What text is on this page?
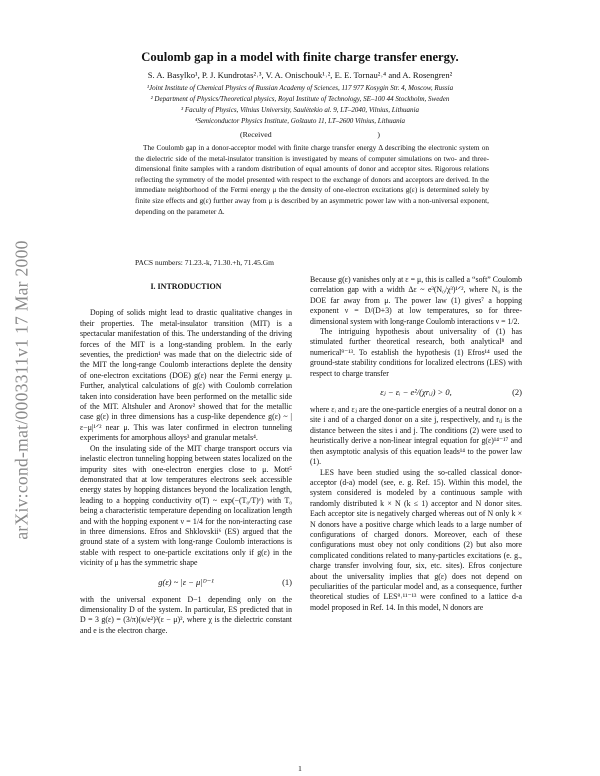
arXiv:cond-mat/0003311v1 17 Mar 2000
Coulomb gap in a model with finite charge transfer energy.
S. A. Basylko¹, P. J. Kundrotas²˒³, V. A. Onischouk¹˒², E. E. Tornau²˒⁴ and A. Rosengren²
¹Joint Institute of Chemical Physics of Russian Academy of Sciences, 117 977 Kosygin Str. 4, Moscow, Russia
² Department of Physics/Theoretical physics, Royal Institute of Technology, SE–100 44 Stockholm, Sweden
³ Faculty of Physics, Vilnius University, Saulėtekio al. 9, LT–2040, Vilnius, Lithuania
⁴Semiconductor Physics Institute, Goštauto 11, LT–2600 Vilnius, Lithuania
(Received	)

The Coulomb gap in a donor-acceptor model with finite charge transfer energy Δ describing the electronic system on the dielectric side of the metal-insulator transition is investigated by means of computer simulations on two- and three-dimensional finite samples with a random distribution of equal amounts of donor and acceptor sites. Rigorous relations reflecting the symmetry of the model presented with respect to the exchange of donors and acceptors are derived. In the immediate neighborhood of the Fermi energy μ the the density of one-electron excitations g(ε) is determined solely by finite size effects and g(ε) further away from μ is described by an asymmetric power law with a non-universal exponent, depending on the parameter Δ.

PACS numbers: 71.23.-k, 71.30.+h, 71.45.Gm
I. INTRODUCTION

Doping of solids might lead to drastic qualitative changes in their properties. The metal-insulator transition (MIT) is a spectacular manifestation of this. The understanding of the driving forces of the MIT is a long-standing problem. In the early seventies, the prediction¹ was made that on the dielectric side of the MIT the long-range Coulomb interactions deplete the density of one-electron excitations (DOE) g(ε) near the Fermi energy μ. Further, analytical calculations of g(ε) with Coulomb correlation taken into consideration have been performed on the metallic side of the MIT. Altshuler and Aronov² showed that for the metallic case g(ε) in three dimensions has a cusp-like dependence g(ε) ~ |ε−μ|¹ᐟ² near μ. This was later confirmed in electron tunneling experiments for amorphous alloys³ and granular metals⁴.

On the insulating side of the MIT charge transport occurs via inelastic electron tunneling hopping between states localized on the impurity sites with one-electron energies close to μ. Mott⁵ demonstrated that at low temperatures electrons seek accessible energy states by hopping distances beyond the localization length, leading to a hopping conductivity σ(T) ~ exp(−(T₀/T)ᵛ) with T₀ being a characteristic temperature depending on localization length and with the hopping exponent ν = 1/4 for the non-interacting case in three dimensions. Efros and Shklovskii⁶ (ES) argued that the ground state of a system with long-range Coulomb interactions is stable with respect to one-particle excitations only if g(ε) in the vicinity of μ has the symmetric shape

g(ε) ~ |ε − μ|ᴰ⁻¹	(1)

with the universal exponent D−1 depending only on the dimensionality D of the system. In particular, ES predicted that in D = 3 g(ε) = (3/π)(κ/e²)³(ε − μ)², where χ is the dielectric constant and e is the electron charge.

Because g(ε) vanishes only at ε = μ, this is called a “soft” Coulomb correlation gap with a width Δε ~ e³(N₀/χ³)¹ᐟ², where N₀ is the DOE far away from μ. The power law (1) gives⁷ a hopping exponent ν = D/(D+3) at low temperatures, so for three-dimensional system with long-range Coulomb interactions ν = 1/2.

The intriguing hypothesis about universality of (1) has stimulated further theoretical research, both analytical⁸ and numerical⁹⁻¹³. To establish the hypothesis (1) Efros¹⁴ used the ground-state stability conditions for localized electrons (LES) with respect to charge transfer

εⱼ − εᵢ − e²/(χrᵢⱼ) > 0,	(2)

where εᵢ and εⱼ are the one-particle energies of a neutral donor on a site i and of a charged donor on a site j, respectively, and rᵢⱼ is the distance between the sites i and j. The conditions (2) were used to heuristically derive a non-linear integral equation for g(ε)¹⁴⁻¹⁷ and then asymptotic analysis of this equation leads¹⁴ to the power law (1).

LES have been studied using the so-called classical donor-acceptor (d-a) model (see, e. g. Ref. 15). Within this model, the system considered is modeled by a continuous sample with randomly distributed k × N (k ≤ 1) acceptor and N donor sites. Each acceptor site is negatively charged whereas out of N only k × N donors have a positive charge which leads to a large number of configurations of charged donors. Moreover, each of these configurations must obey not only conditions (2) but also more complicated conditions related to many-particles excitations (e. g., charge transfer involving four, six, etc. sites). Efros conjecture about the universality implies that g(ε) does not depend on peculiarities of the particular model and, as a consequence, further theoretical studies of LES⁹˒¹¹⁻¹³ were confined to a lattice d-a model proposed in Ref. 14. In this model, N donors are

1
